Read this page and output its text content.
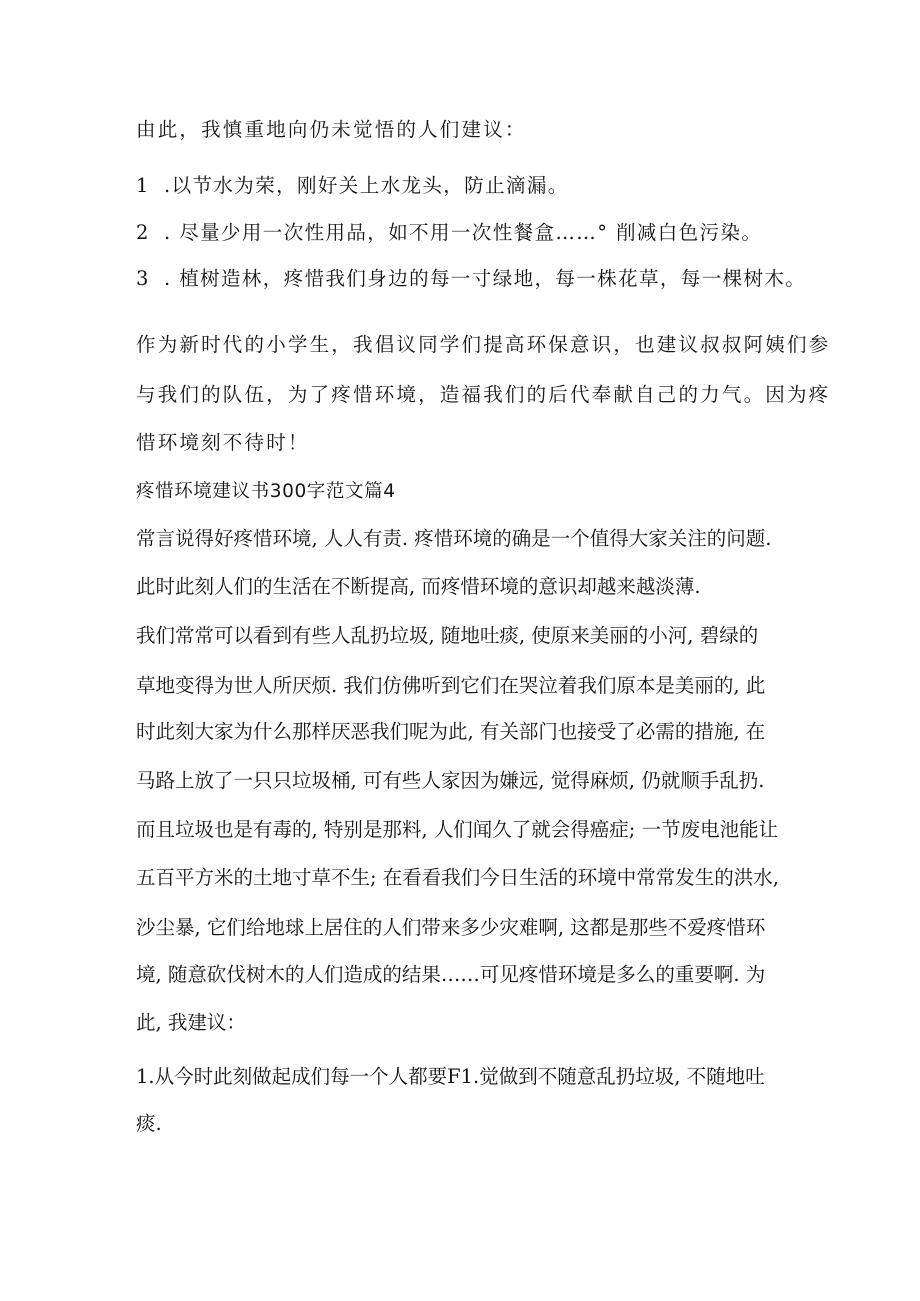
由此，我慎重地向仍未觉悟的人们建议：
1 .以节水为荣，刚好关上水龙头，防止滴漏。
2 . 尽量少用一次性用品，如不用一次性餐盒……° 削减白色污染。
3 . 植树造林，疼惜我们身边的每一寸绿地，每一株花草，每一棵树木。
作为新时代的小学生，我倡议同学们提高环保意识，也建议叔叔阿姨们参
与我们的队伍，为了疼惜环境，造福我们的后代奉献自己的力气。因为疼
惜环境刻不待时！
疼惜环境建议书300字范文篇4
常言说得好疼惜环境, 人人有责. 疼惜环境的确是一个值得大家关注的问题.
此时此刻人们的生活在不断提高, 而疼惜环境的意识却越来越淡薄.
我们常常可以看到有些人乱扔垃圾, 随地吐痰, 使原来美丽的小河, 碧绿的
草地变得为世人所厌烦. 我们仿佛听到它们在哭泣着我们原本是美丽的, 此
时此刻大家为什么那样厌恶我们呢为此, 有关部门也接受了必需的措施, 在
马路上放了一只只垃圾桶, 可有些人家因为嫌远, 觉得麻烦, 仍就顺手乱扔.
而且垃圾也是有毒的, 特别是那料, 人们闻久了就会得癌症; 一节废电池能让
五百平方米的土地寸草不生; 在看看我们今日生活的环境中常常发生的洪水,
沙尘暴, 它们给地球上居住的人们带来多少灾难啊, 这都是那些不爱疼惜环
境, 随意砍伐树木的人们造成的结果……可见疼惜环境是多么的重要啊. 为
此, 我建议：
1.从今时此刻做起成们每一个人都要F1.觉做到不随意乱扔垃圾, 不随地吐
痰.
